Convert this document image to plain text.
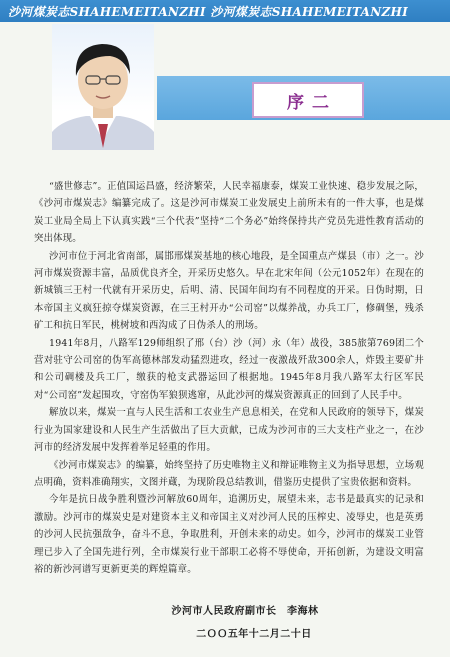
沙河煤炭志SHAHEMEITANZHI 沙河煤炭志SHAHEMEITANZHI
序二

“盛世修志”。正值国运昌盛，经济繁荣，人民幸福康泰，煤炭工业快速、稳步发展之际，《沙河市煤炭志》编纂完成了。这是沙河市煤炭工业发展史上前所未有的一件大事，也是煤炭工业局全局上下认真实践“三个代表”坚持“二个务必”始终保持共产党员先进性教育活动的突出体现。

沙河市位于河北省南部，属邯邢煤炭基地的核心地段，是全国重点产煤县（市）之一。沙河市煤炭资源丰富，品质优良齐全，开采历史悠久。早在北宋年间（公元1052年）在现在的新城镇三王村一代就有开采历史，后明、清、民国年间均有不同程度的开采。日伪时期，日本帝国主义疯狂掠夺煤炭资源，在三王村开办“公司窑”以煤养战，办兵工厂，修碉堡，残杀矿工和抗日军民，桃树坡和西沟成了日伪杀人的刑场。

1941年8月，八路军129师组织了邢（台）沙（河）永（年）战役，385旅第769团二个营对驻守公司窑的伪军高德林部发动猛烈进攻，经过一夜激战歼敌300余人，炸毁主要矿井和公司碉楼及兵工厂，缴获的枪支武器运回了根据地。1945年8月我八路军太行区军民对“公司窑”发起围攻，守窑伪军狼狈逃窜，从此沙河的煤炭资源真正的回到了人民手中。

解放以来，煤炭一直与人民生活和工农业生产息息相关，在党和人民政府的领导下，煤炭行业为国家建设和人民生产生活做出了巨大贡献，已成为沙河市的三大支柱产业之一，在沙河市的经济发展中发挥着举足轻重的作用。

《沙河市煤炭志》的编纂，始终坚持了历史唯物主义和辩证唯物主义为指导思想，立场观点明确，资料准确翔实，文图并蔵，为现阶段总结教训，借鉴历史提供了宝贵依据和资料。

今年是抗日战争胜利暨沙河解放60周年，追溯历史，展望未来，志书是最真实的记录和激励。沙河市的煤炭史是对建资本主义和帝国主义对沙河人民的压榨史、凌辱史，也是英勇的沙河人民抗强敌争，奋斗不息，争取胜利，开创未来的动史。如今，沙河市的煤炭工业管理已步入了全国先进行列，全市煤炭行业干部职工必将不辱使命，开拓创新，为建设文明富裕的新沙河谱写更新更美的辉煌篇章。

沙河市人民政府副市长　李海林
二ＯＯ五年十二月二十日
